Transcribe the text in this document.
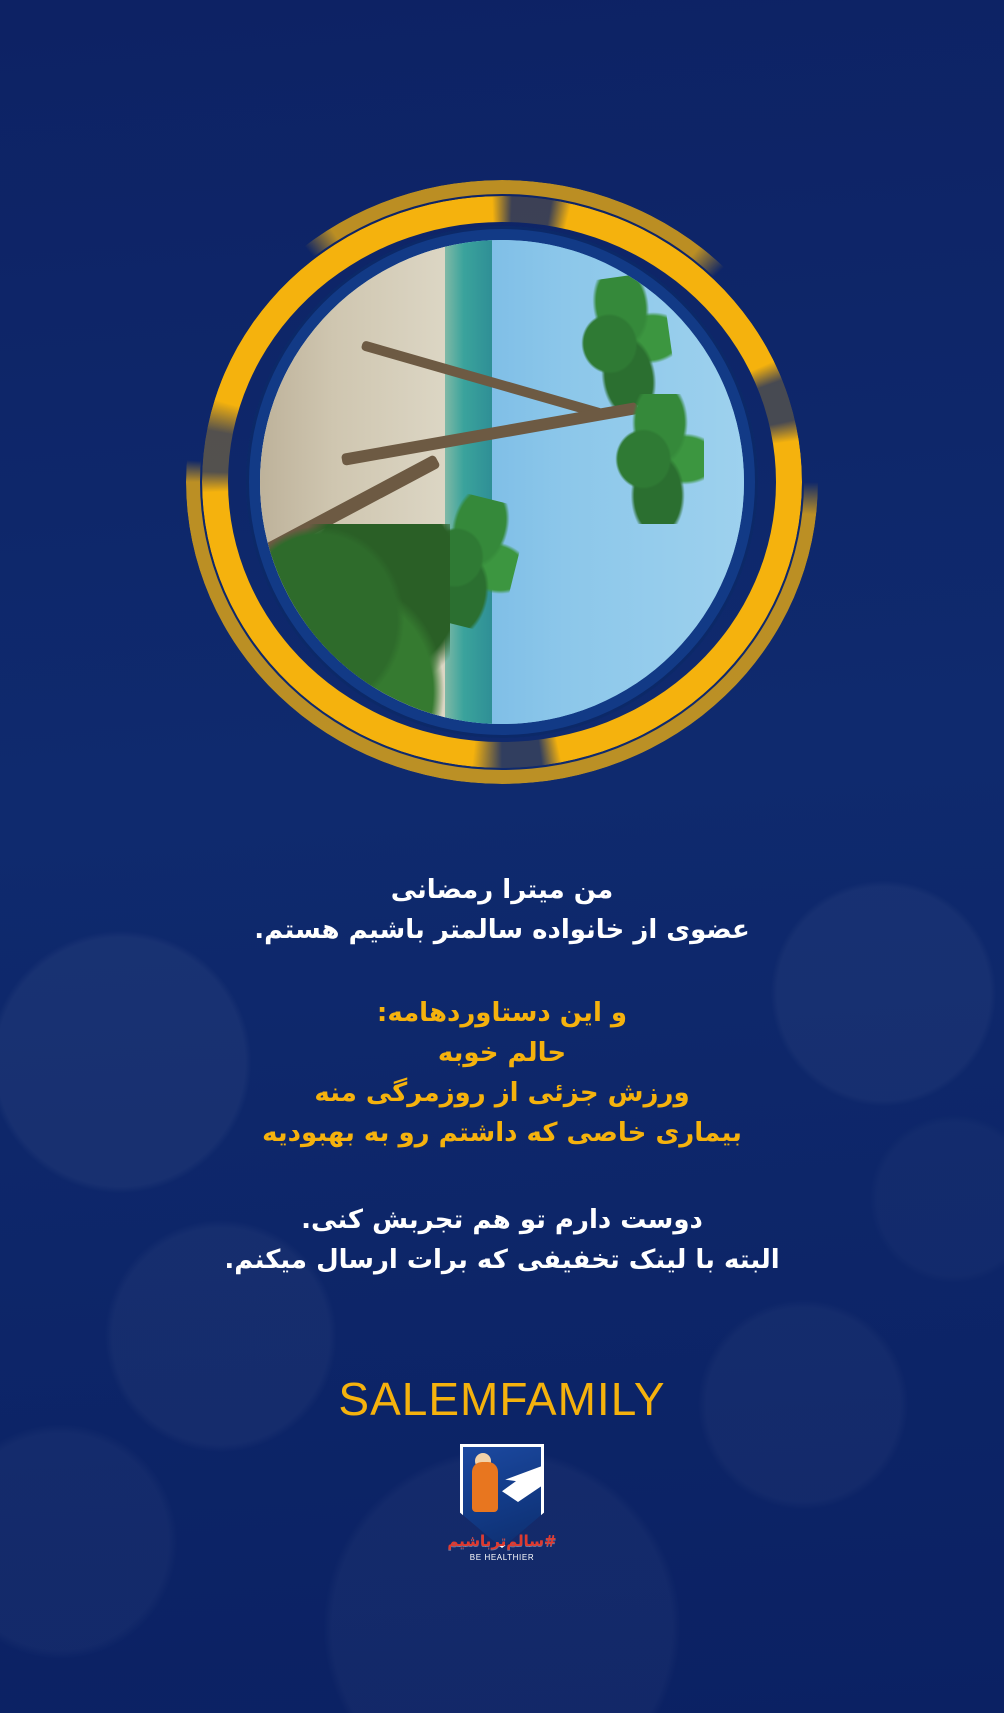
من میترا رمضانی
عضوی از خانواده سالمتر باشیم هستم.
و این دستاوردهامه:
حالم خوبه
ورزش جزئی از روزمرگی منه
بیماری خاصی که داشتم رو به بهبودیه
دوست دارم تو هم تجربش کنی.
البته با لینک تخفیفی که برات ارسال میکنم.
SALEMFAMILY
#سالم‌تر‌باشیم
BE HEALTHIER
